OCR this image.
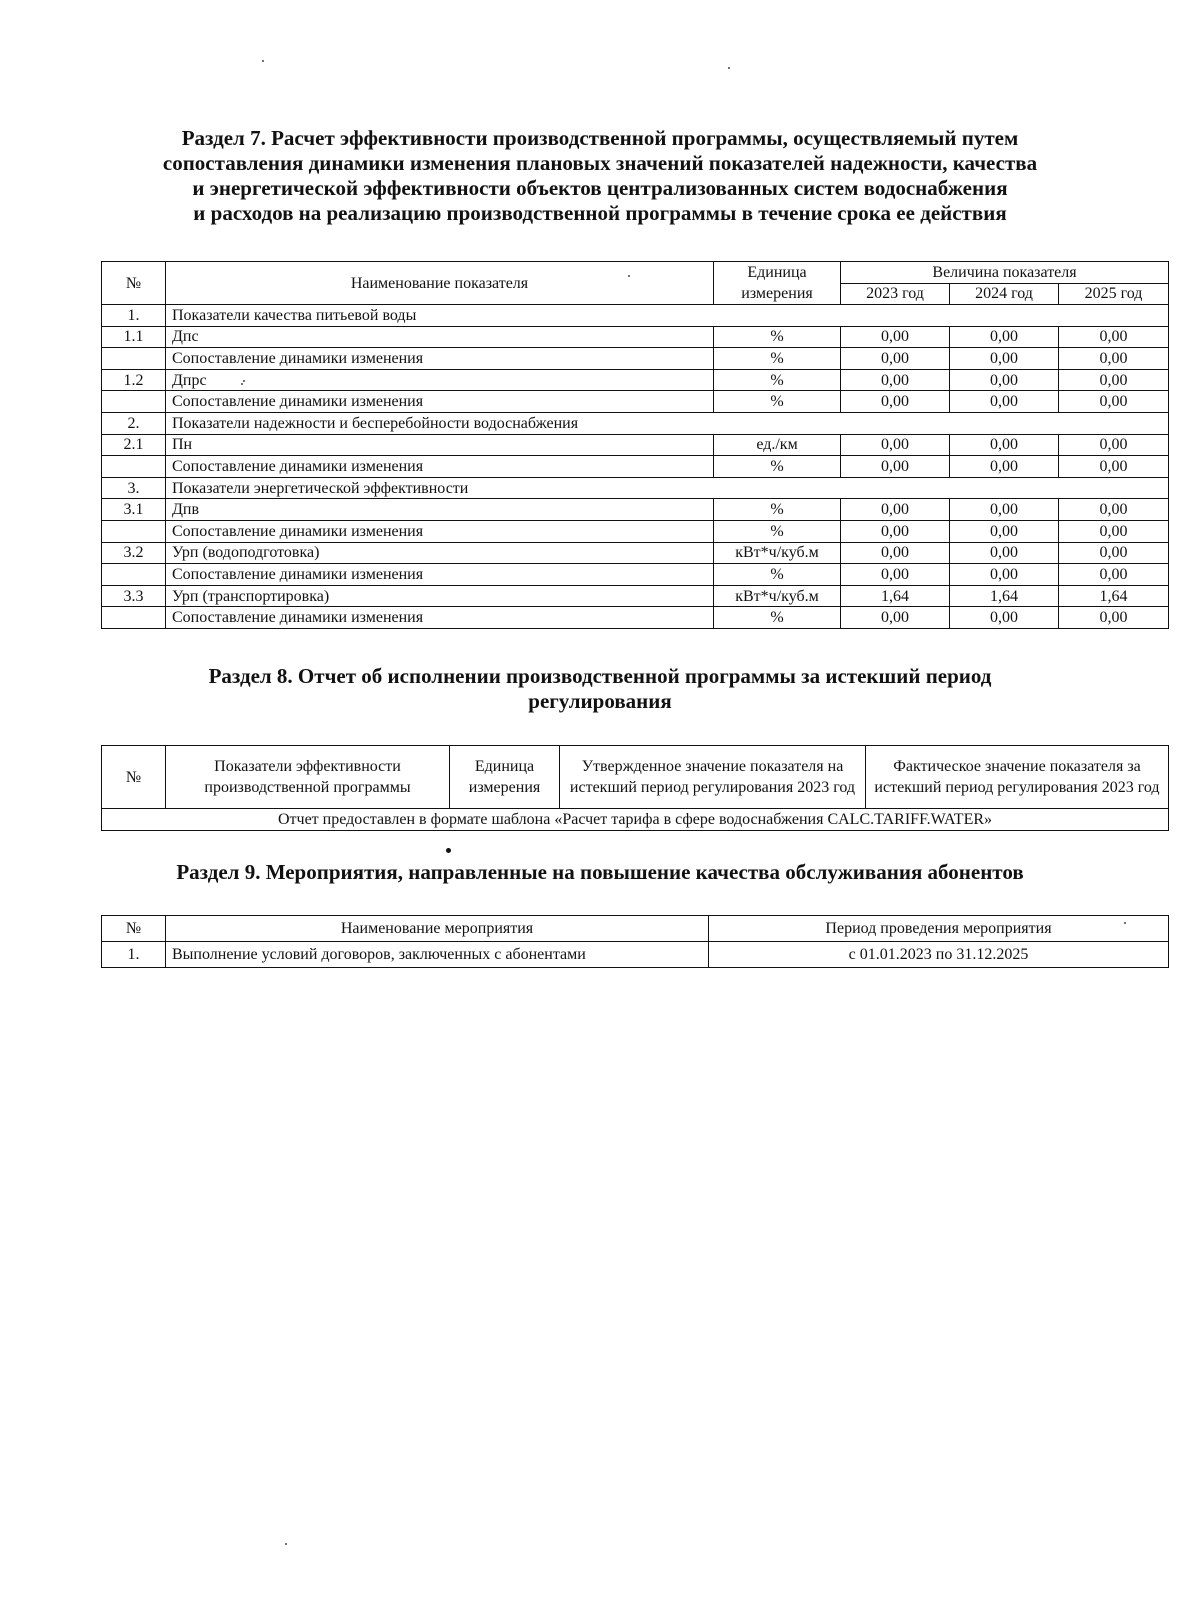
Раздел 7. Расчет эффективности производственной программы, осуществляемый путем
сопоставления динамики изменения плановых значений показателей надежности, качества
и энергетической эффективности объектов централизованных систем водоснабжения
и расходов на реализацию производственной программы в течение срока ее действия
№	Наименование показателя	Единица измерения	Величина показателя		
			2023 год	2024 год	2025 год
1.	Показатели качества питьевой воды				
1.1	Дпс	%	0,00	0,00	0,00
	Сопоставление динамики изменения	%	0,00	0,00	0,00
1.2	Дпрс	%	0,00	0,00	0,00
	Сопоставление динамики изменения	%	0,00	0,00	0,00
2.	Показатели надежности и бесперебойности водоснабжения				
2.1	Пн	ед./км	0,00	0,00	0,00
	Сопоставление динамики изменения	%	0,00	0,00	0,00
3.	Показатели энергетической эффективности				
3.1	Дпв	%	0,00	0,00	0,00
	Сопоставление динамики изменения	%	0,00	0,00	0,00
3.2	Урп (водоподготовка)	кВт*ч/куб.м	0,00	0,00	0,00
	Сопоставление динамики изменения	%	0,00	0,00	0,00
3.3	Урп (транспортировка)	кВт*ч/куб.м	1,64	1,64	1,64
	Сопоставление динамики изменения	%	0,00	0,00	0,00
Раздел 8. Отчет об исполнении производственной программы за истекший период
регулирования
№	Показатели эффективности производственной программы	Единица измерения	Утвержденное значение показателя на истекший период регулирования 2023 год	Фактическое значение показателя за истекший период регулирования 2023 год
Отчет предоставлен в формате шаблона «Расчет тарифа в сфере водоснабжения CALC.TARIFF.WATER»
Раздел 9. Мероприятия, направленные на повышение качества обслуживания абонентов
№	Наименование мероприятия	Период проведения мероприятия
1.	Выполнение условий договоров, заключенных с абонентами	с 01.01.2023 по 31.12.2025
